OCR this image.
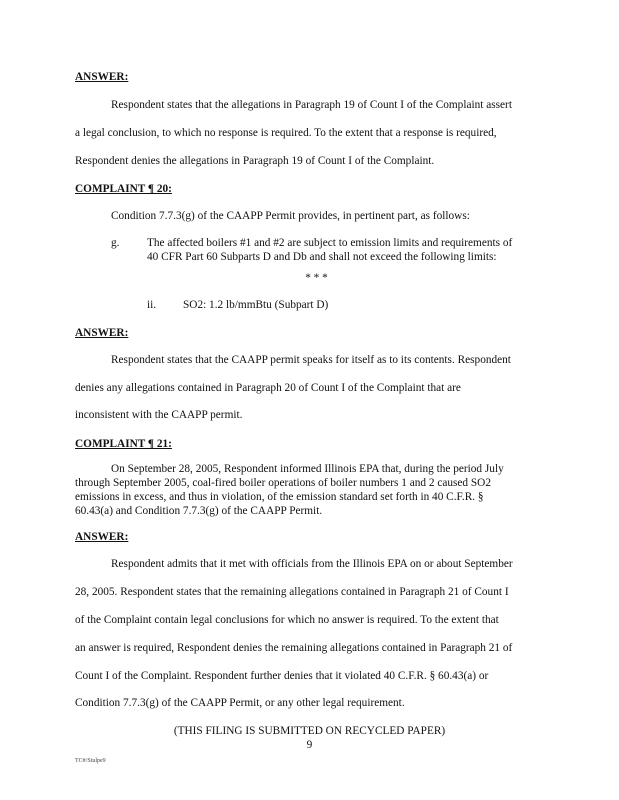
ANSWER:
Respondent states that the allegations in Paragraph 19 of Count I of the Complaint assert
a legal conclusion, to which no response is required. To the extent that a response is required,
Respondent denies the allegations in Paragraph 19 of Count I of the Complaint.
COMPLAINT ¶ 20:
Condition 7.7.3(g) of the CAAPP Permit provides, in pertinent part, as follows:
g. The affected boilers #1 and #2 are subject to emission limits and requirements of
40 CFR Part 60 Subparts D and Db and shall not exceed the following limits:
* * *
ii. SO2: 1.2 lb/mmBtu (Subpart D)
ANSWER:
Respondent states that the CAAPP permit speaks for itself as to its contents. Respondent
denies any allegations contained in Paragraph 20 of Count I of the Complaint that are
inconsistent with the CAAPP permit.
COMPLAINT ¶ 21:
On September 28, 2005, Respondent informed Illinois EPA that, during the period July
through September 2005, coal-fired boiler operations of boiler numbers 1 and 2 caused SO2
emissions in excess, and thus in violation, of the emission standard set forth in 40 C.F.R. §
60.43(a) and Condition 7.7.3(g) of the CAAPP Permit.
ANSWER:
Respondent admits that it met with officials from the Illinois EPA on or about September
28, 2005. Respondent states that the remaining allegations contained in Paragraph 21 of Count I
of the Complaint contain legal conclusions for which no answer is required. To the extent that
an answer is required, Respondent denies the remaining allegations contained in Paragraph 21 of
Count I of the Complaint. Respondent further denies that it violated 40 C.F.R. § 60.43(a) or
Condition 7.7.3(g) of the CAAPP Permit, or any other legal requirement.
(THIS FILING IS SUBMITTED ON RECYCLED PAPER)
9
TC#/Stulpe9
